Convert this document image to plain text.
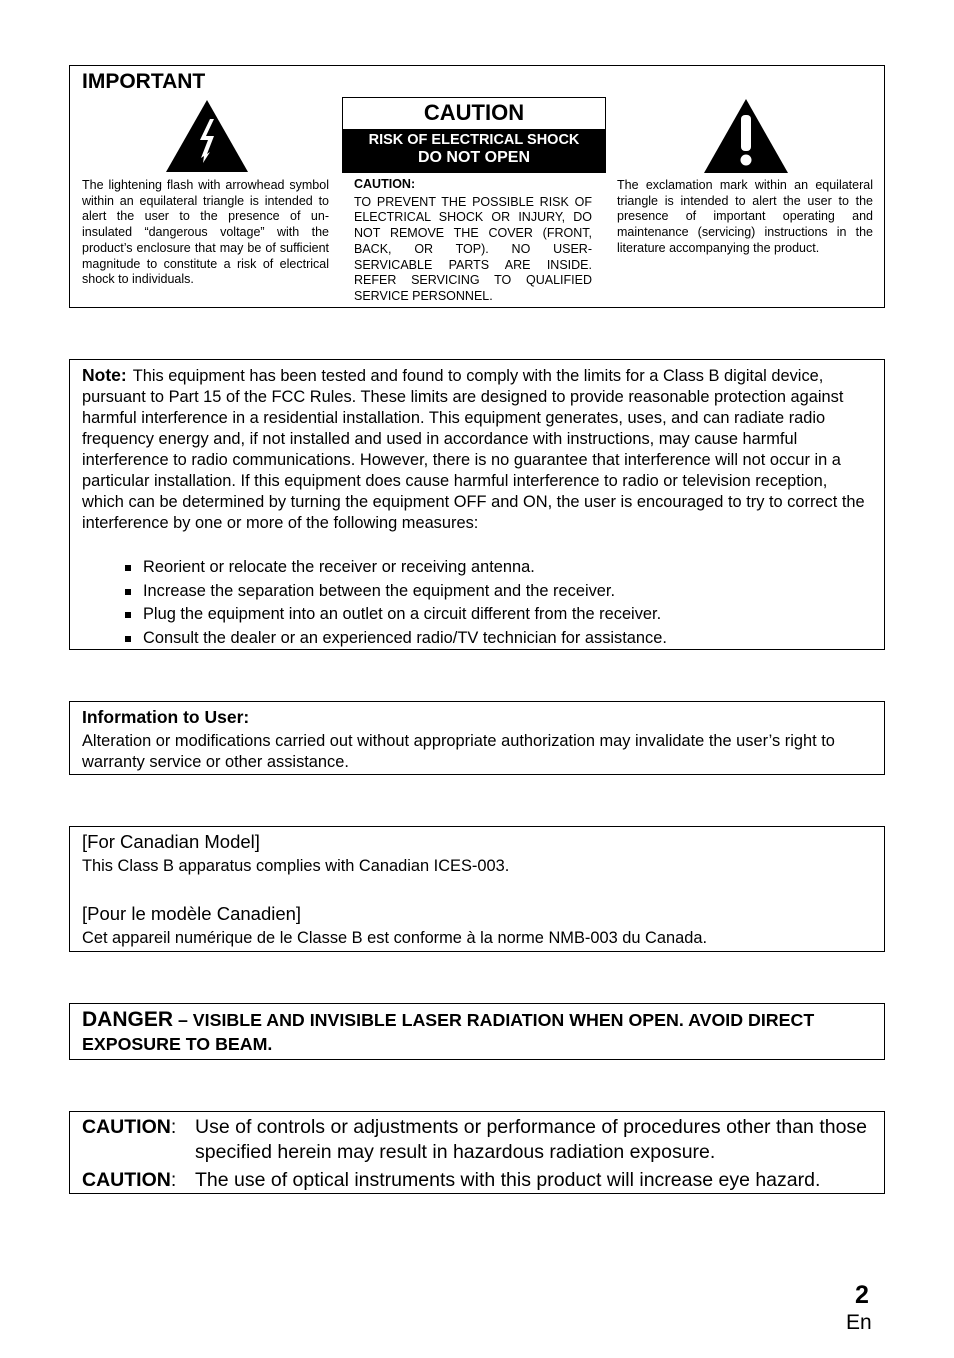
IMPORTANT
The lightening flash with arrowhead symbol within an equilateral triangle is intended to alert the user to the presence of un-insulated “dangerous voltage” with the product’s enclosure that may be of sufficient magnitude to constitute a risk of electrical shock to individuals.
CAUTION
RISK OF ELECTRICAL SHOCK
DO NOT OPEN
CAUTION:
TO PREVENT THE POSSIBLE RISK OF ELECTRICAL SHOCK OR INJURY, DO NOT REMOVE THE COVER (FRONT, BACK, OR TOP). NO USER-SERVICABLE PARTS ARE INSIDE. REFER SERVICING TO QUALIFIED SERVICE PERSONNEL.
The exclamation mark within an equilateral triangle is intended to alert the user to the presence of important operating and maintenance (servicing) instructions in the literature accompanying the product.
Note: This equipment has been tested and found to comply with the limits for a Class B digital device, pursuant to Part 15 of the FCC Rules. These limits are designed to provide reasonable protection against harmful interference in a residential installation. This equipment generates, uses, and can radiate radio frequency energy and, if not installed and used in accordance with instructions, may cause harmful interference to radio communications. However, there is no guarantee that interference will not occur in a particular installation. If this equipment does cause harmful interference to radio or television reception, which can be determined by turning the equipment OFF and ON, the user is encouraged to try to correct the interference by one or more of the following measures:
Reorient or relocate the receiver or receiving antenna.
Increase the separation between the equipment and the receiver.
Plug the equipment into an outlet on a circuit different from the receiver.
Consult the dealer or an experienced radio/TV technician for assistance.
Information to User:
Alteration or modifications carried out without appropriate authorization may invalidate the user’s right to warranty service or other assistance.
[For Canadian Model]
This Class B apparatus complies with Canadian ICES-003.
[Pour le modèle Canadien]
Cet appareil numérique de le Classe B est conforme à la norme NMB-003 du Canada.
DANGER – VISIBLE AND INVISIBLE LASER RADIATION WHEN OPEN. AVOID DIRECT EXPOSURE TO BEAM.
CAUTION: Use of controls or adjustments or performance of procedures other than those specified herein may result in hazardous radiation exposure.
CAUTION: The use of optical instruments with this product will increase eye hazard.
2
En
